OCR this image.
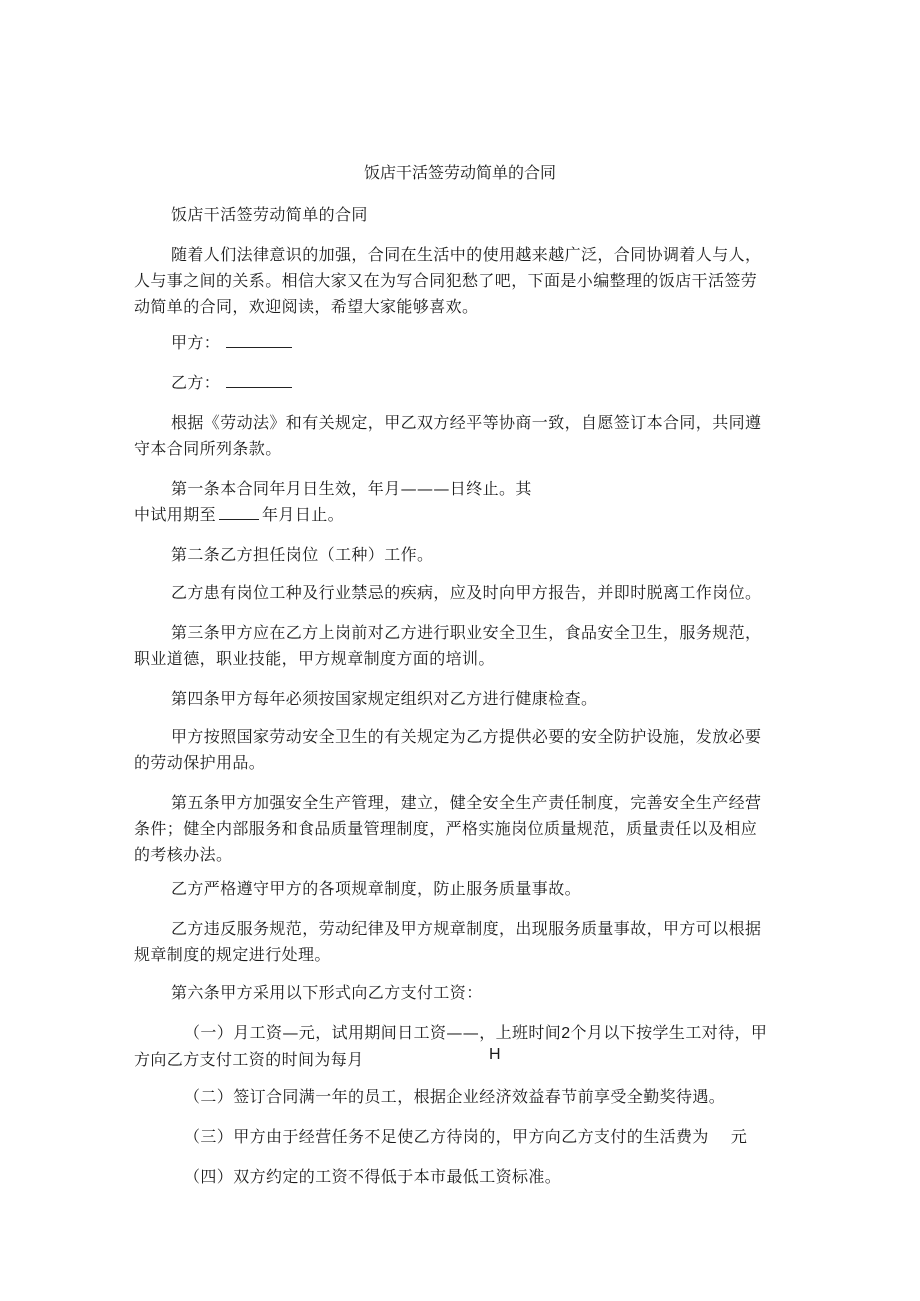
饭店干活签劳动简单的合同
饭店干活签劳动简单的合同
随着人们法律意识的加强，合同在生活中的使用越来越广泛，合同协调着人与人，
人与事之间的关系。相信大家又在为写合同犯愁了吧，下面是小编整理的饭店干活签劳
动简单的合同，欢迎阅读，希望大家能够喜欢。
甲方：
乙方：
根据《劳动法》和有关规定，甲乙双方经平等协商一致，自愿签订本合同，共同遵
守本合同所列条款。
第一条本合同年月日生效，年月———日终止。其
中试用期至	年月日止。
第二条乙方担任岗位（工种）工作。
乙方患有岗位工种及行业禁忌的疾病，应及时向甲方报告，并即时脱离工作岗位。
第三条甲方应在乙方上岗前对乙方进行职业安全卫生，食品安全卫生，服务规范，
职业道德，职业技能，甲方规章制度方面的培训。
第四条甲方每年必须按国家规定组织对乙方进行健康检查。
甲方按照国家劳动安全卫生的有关规定为乙方提供必要的安全防护设施，发放必要
的劳动保护用品。
第五条甲方加强安全生产管理，建立，健全安全生产责任制度，完善安全生产经营
条件；健全内部服务和食品质量管理制度，严格实施岗位质量规范，质量责任以及相应
的考核办法。
乙方严格遵守甲方的各项规章制度，防止服务质量事故。
乙方违反服务规范，劳动纪律及甲方规章制度，出现服务质量事故，甲方可以根据
规章制度的规定进行处理。
第六条甲方采用以下形式向乙方支付工资：
（一）月工资—元，试用期间日工资——，上班时间2个月以下按学生工对待，甲
方向乙方支付工资的时间为每月	H
（二）签订合同满一年的员工，根据企业经济效益春节前享受全勤奖待遇。
（三）甲方由于经营任务不足使乙方待岗的，甲方向乙方支付的生活费为 元
（四）双方约定的工资不得低于本市最低工资标准。
